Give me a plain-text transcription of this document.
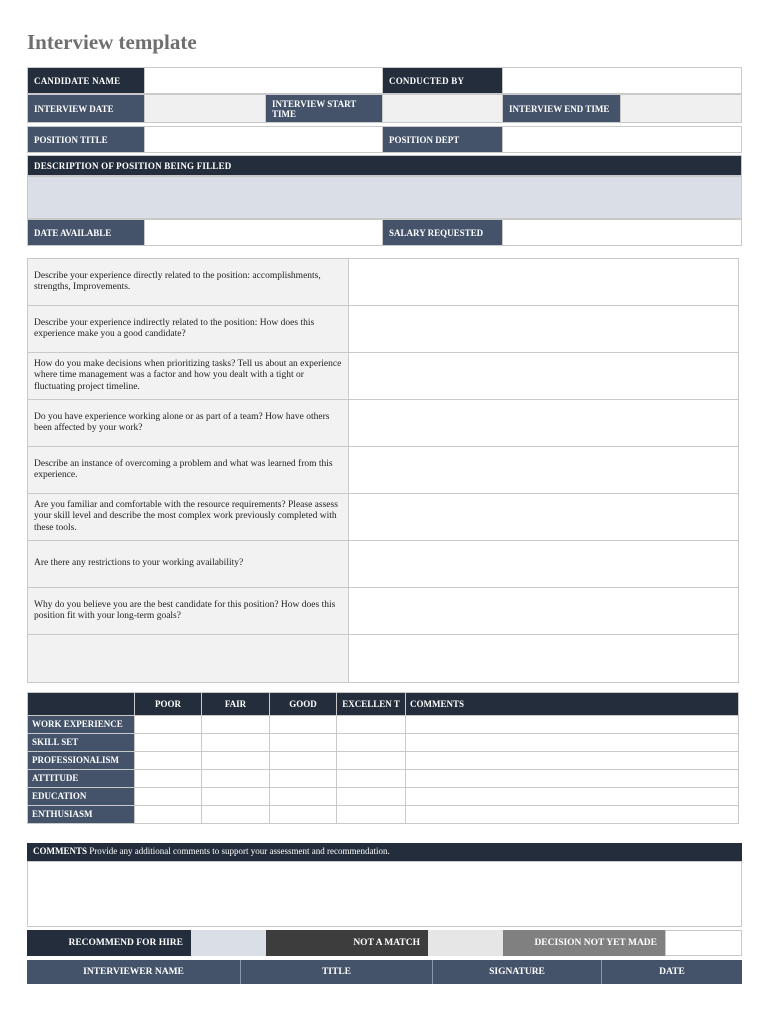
Interview template
CANDIDATE NAME	CONDUCTED BY
INTERVIEW DATE	INTERVIEW START TIME	INTERVIEW END TIME
POSITION TITLE	POSITION DEPT
DESCRIPTION OF POSITION BEING FILLED
DATE AVAILABLE	SALARY REQUESTED
Describe your experience directly related to the position: accomplishments, strengths, Improvements.
Describe your experience indirectly related to the position: How does this experience make you a good candidate?
How do you make decisions when prioritizing tasks? Tell us about an experience where time management was a factor and how you dealt with a tight or fluctuating project timeline.
Do you have experience working alone or as part of a team? How have others been affected by your work?
Describe an instance of overcoming a problem and what was learned from this experience.
Are you familiar and comfortable with the resource requirements? Please assess your skill level and describe the most complex work previously completed with these tools.
Are there any restrictions to your working availability?
Why do you believe you are the best candidate for this position? How does this position fit with your long-term goals?
	POOR	FAIR	GOOD	EXCELLEN T	COMMENTS
WORK EXPERIENCE					
SKILL SET					
PROFESSIONALISM					
ATTITUDE					
EDUCATION					
ENTHUSIASM					
COMMENTS Provide any additional comments to support your assessment and recommendation.
RECOMMEND FOR HIRE	NOT A MATCH	DECISION NOT YET MADE
INTERVIEWER NAME	TITLE	SIGNATURE	DATE
